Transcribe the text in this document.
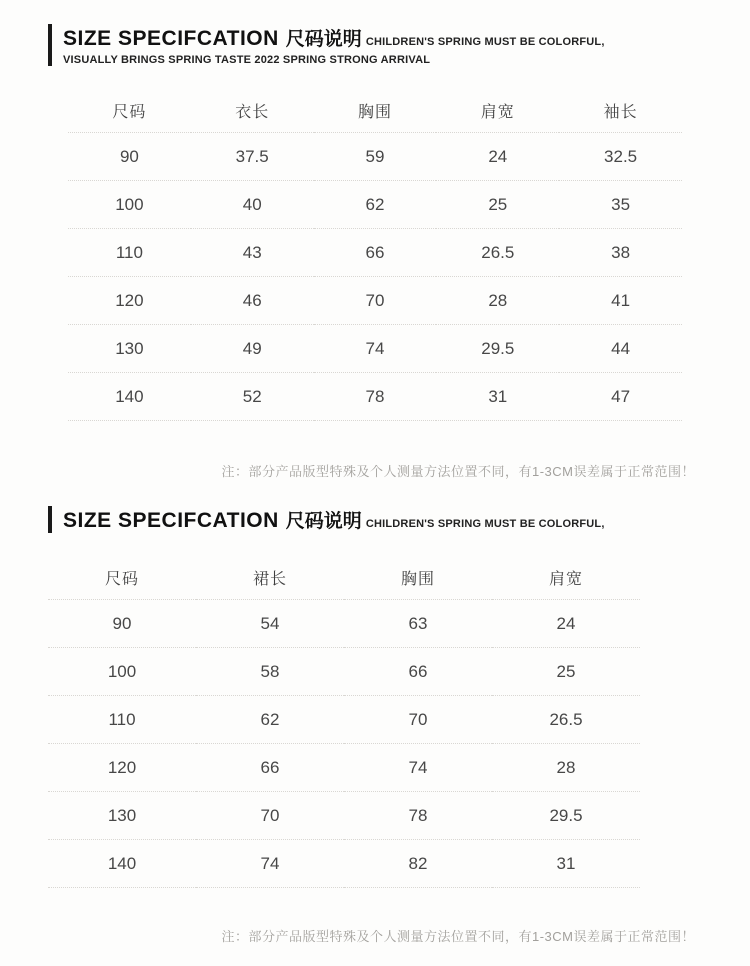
SIZE SPECIFCATION 尺码说明 CHILDREN'S SPRING MUST BE COLORFUL,
VISUALLY BRINGS SPRING TASTE 2022 SPRING STRONG ARRIVAL
尺码	衣长	胸围	肩宽	袖长
90	37.5	59	24	32.5
100	40	62	25	35
110	43	66	26.5	38
120	46	70	28	41
130	49	74	29.5	44
140	52	78	31	47
注：部分产品版型特殊及个人测量方法位置不同，有1-3CM误差属于正常范围！
SIZE SPECIFCATION 尺码说明 CHILDREN'S SPRING MUST BE COLORFUL,
尺码	裙长	胸围	肩宽
90	54	63	24
100	58	66	25
110	62	70	26.5
120	66	74	28
130	70	78	29.5
140	74	82	31
注：部分产品版型特殊及个人测量方法位置不同，有1-3CM误差属于正常范围！
